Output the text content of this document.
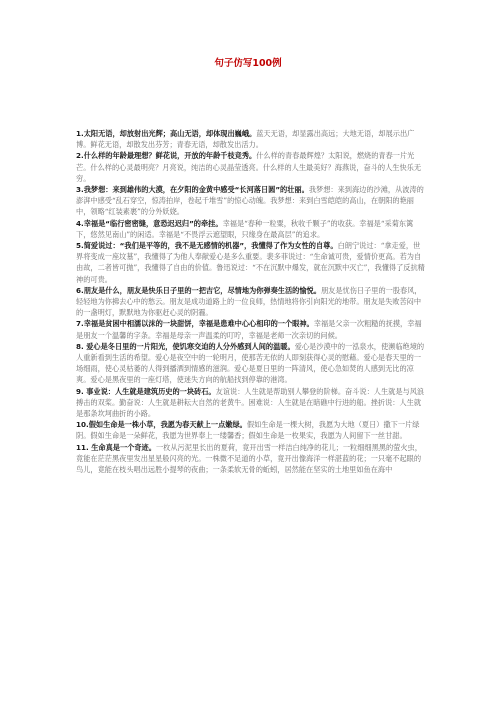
句子仿写100例

1.太阳无语，却放射出光辉；高山无语，却体现出巍峨。蓝天无语，却显露出高远；大地无语，却展示出广博。鲜花无语，却散发出芬芳；青春无语，却散发出活力。

2.什么样的年龄最理想？鲜花说，开放的年龄千枝竞秀。什么样的青春最辉煌？太阳说，燃烧的青春一片光芒。什么样的心灵最明亮？月亮说，纯洁的心灵晶莹透亮。什么样的人生最美好？海燕说，奋斗的人生快乐无穷。

3.我梦想：来到雄伟的大漠，在夕阳的金黄中感受“长河落日圆”的壮丽。我梦想：来到海边的沙滩，从波涛的澎湃中感受“乱石穿空，惊涛拍岸，卷起千堆雪”的惊心动魄。我梦想：来到白雪皑皑的高山，在朝阳的艳丽中，领略“红装素裹”的分外妖娆。

4.幸福是“临行密密缝，意恐迟迟归”的牵挂。幸福是“春种一粒粟，秋收千颗子”的收获。幸福是“采菊东篱下，悠然见南山”的闲适。幸福是“不畏浮云遮望眼，只缘身在最高层”的追求。

5.简爱说过：“我们是平等的，我不是无感情的机器”，我懂得了作为女性的自尊。白朗宁说过：“拿走爱，世界将变成一座坟墓”，我懂得了为他人奉献爱心是多么重要。裴多菲说过：“生命诚可贵，爱情价更高。若为自由故，二者皆可抛”，我懂得了自由的价值。鲁迅说过：“不在沉默中爆发，就在沉默中灭亡”，我懂得了反抗精神的可贵。

6.朋友是什么，朋友是快乐日子里的一把吉它，尽情地为你弹奏生活的愉悦。朋友是忧伤日子里的一股春风，轻轻地为你拂去心中的愁云。朋友是成功道路上的一位良师，热情地将你引向阳光的地带。朋友是失败苦闷中的一盏明灯，默默地为你驱赶心灵的阴霾。

7.幸福是贫困中相濡以沫的一块甜饼，幸福是患难中心心相印的一个眼神。幸福是父亲一次粗糙的抚摸，幸福是朋友一个温馨的字条。幸福是母亲一声温柔的叮咛，幸福是老师一次亲切的问候。

8. 爱心是冬日里的一片阳光，使饥寒交迫的人分外感到人间的温暖。爱心是沙漠中的一泓泉水，使濒临绝境的人重新看到生活的希望。爱心是夜空中的一轮明月，使那苦无依的人即刻获得心灵的慰藉。爱心是春天里的一场细雨，使心灵枯萎的人得到播洒到情感的滋润。爱心是夏日里的一阵清风，使心急如焚的人感到无比的凉爽。爱心是黑夜里的一座灯塔，使迷失方向的航船找到停靠的港湾。

9. 事业说：人生就是建筑历史的一块砖石。友谊说：人生就是帮助别人攀登的阶梯。奋斗说：人生就是与风浪搏击的双桨。勤奋说：人生就是耕耘大自然的老黄牛。困难说：人生就是在暗礁中行进的船。挫折说：人生就是那条坎坷曲折的小路。

10.假如生命是一株小草，我愿为春天献上一点嫩绿。假如生命是一棵大树，我愿为大地（夏日）撒下一片绿阴。假如生命是一朵鲜花，我愿为世界奉上一缕馨香；假如生命是一枚果实，我愿为人间留下一丝甘甜。

11. 生命真是一个奇迹。一枚从污泥里长出的夏荷，竟开出雪一样洁白纯净的花儿；一粒细细黑黑的萤火虫，竟能在茫茫黑夜里发出星星般闪亮的光。一株微不足道的小草，竟开出像海洋一样湛蓝的花；一只毫不起眼的鸟儿，竟能在枝头唱出远胜小提琴的夜曲；一条柔软无骨的蚯蚓，居然能在坚实的土地里如鱼在海中
